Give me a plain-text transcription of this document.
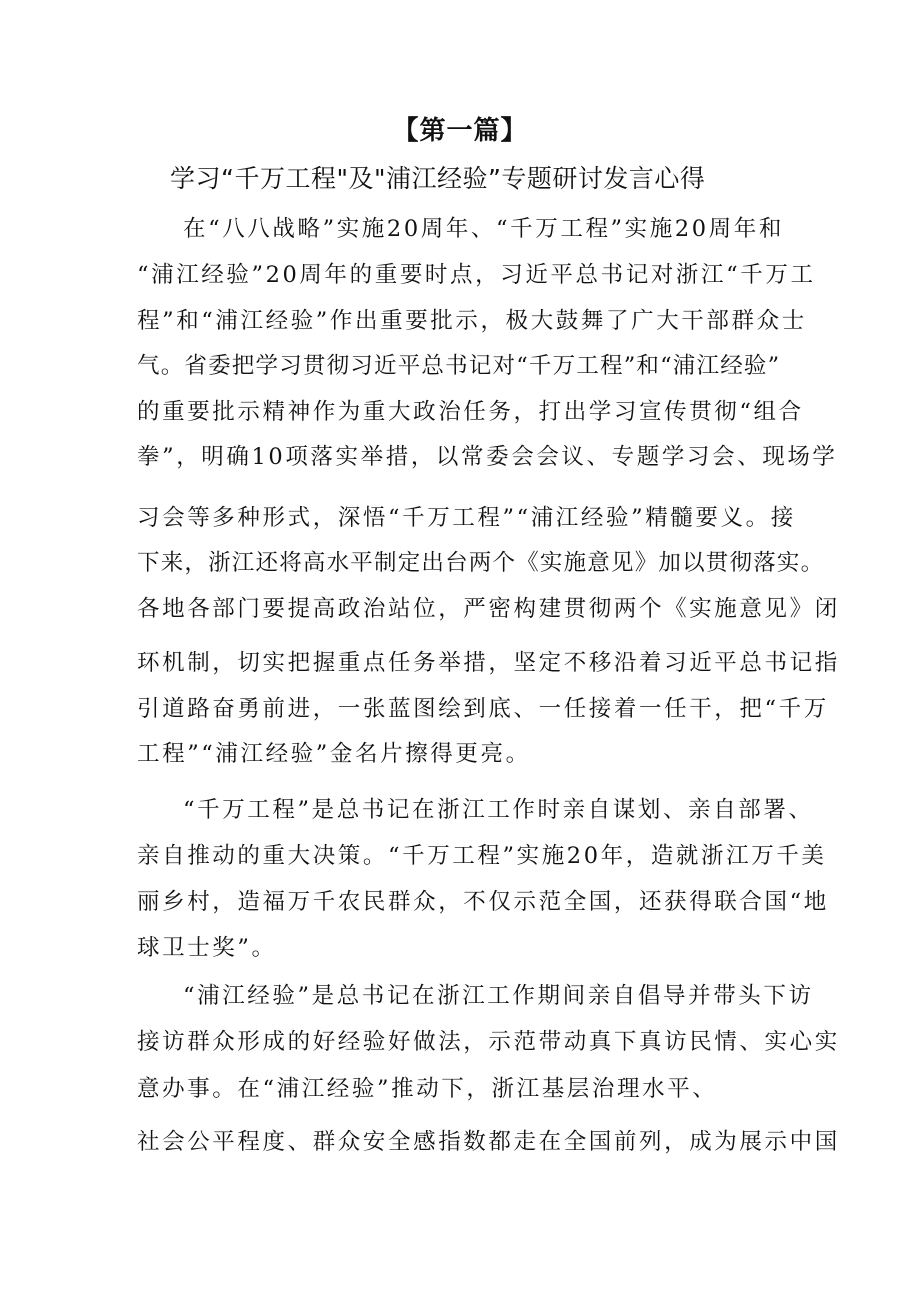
【第一篇】
学习“千万工程"及"浦江经验”专题研讨发言心得
在“八八战略”实施20周年、“千万工程”实施20周年和
“浦江经验”20周年的重要时点，习近平总书记对浙江“千万工
程”和“浦江经验”作出重要批示，极大鼓舞了广大干部群众士
气。省委把学习贯彻习近平总书记对“千万工程”和“浦江经验”
的重要批示精神作为重大政治任务，打出学习宣传贯彻“组合
拳”，明确10项落实举措，以常委会会议、专题学习会、现场学
习会等多种形式，深悟“千万工程”“浦江经验”精髓要义。接
下来，浙江还将高水平制定出台两个《实施意见》加以贯彻落实。
各地各部门要提高政治站位，严密构建贯彻两个《实施意见》闭
环机制，切实把握重点任务举措，坚定不移沿着习近平总书记指
引道路奋勇前进，一张蓝图绘到底、一任接着一任干，把“千万
工程”“浦江经验”金名片擦得更亮。
“千万工程”是总书记在浙江工作时亲自谋划、亲自部署、
亲自推动的重大决策。“千万工程”实施20年，造就浙江万千美
丽乡村，造福万千农民群众，不仅示范全国，还获得联合国“地
球卫士奖”。
“浦江经验”是总书记在浙江工作期间亲自倡导并带头下访
接访群众形成的好经验好做法，示范带动真下真访民情、实心实
意办事。在“浦江经验”推动下，浙江基层治理水平、
社会公平程度、群众安全感指数都走在全国前列，成为展示中国
